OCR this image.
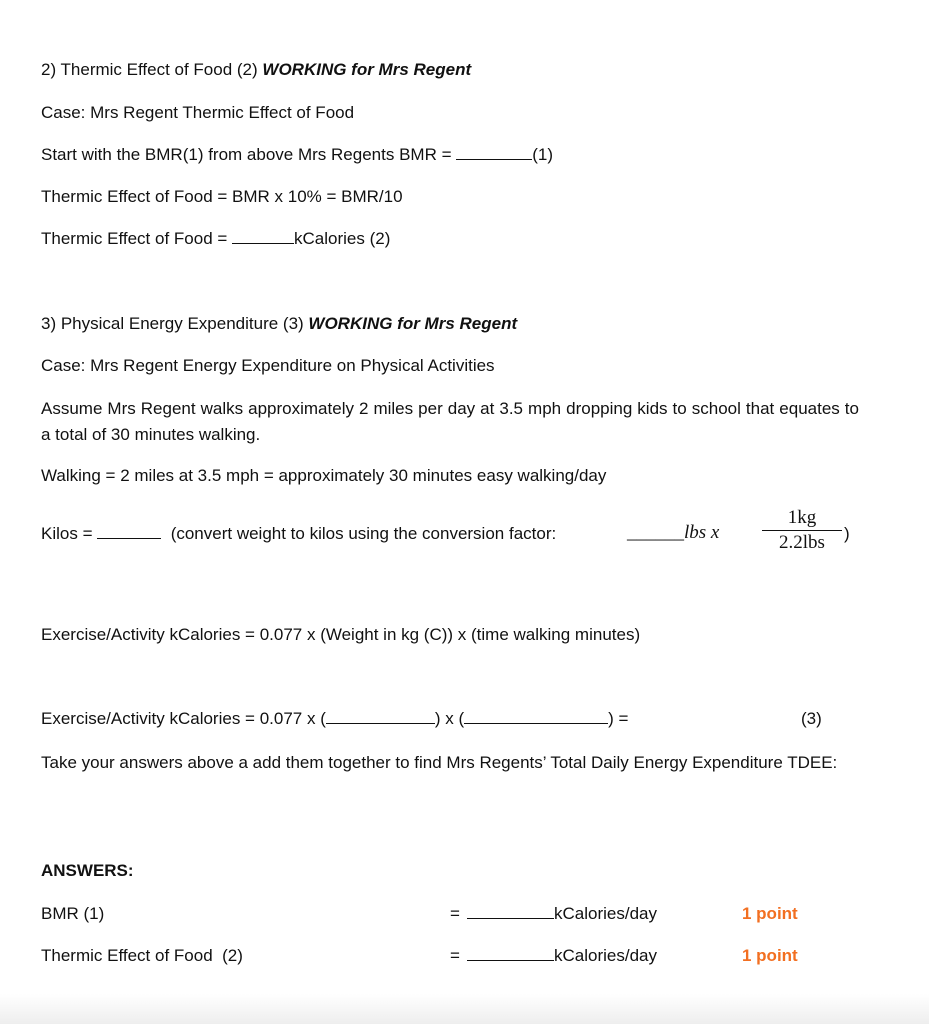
2) Thermic Effect of Food (2) WORKING for Mrs Regent
Case: Mrs Regent Thermic Effect of Food
Start with the BMR(1) from above Mrs Regents BMR =	(1)
Thermic Effect of Food = BMR x 10% = BMR/10
Thermic Effect of Food =	kCalories (2)
3) Physical Energy Expenditure (3) WORKING for Mrs Regent
Case: Mrs Regent Energy Expenditure on Physical Activities
Assume Mrs Regent walks approximately 2 miles per day at 3.5 mph dropping kids to school that equates to a total of 30 minutes walking.
Walking = 2 miles at 3.5 mph = approximately 30 minutes easy walking/day
Kilos =	(convert weight to kilos using the conversion factor:	______lbs x
1kg
2.2lbs	)
Exercise/Activity kCalories = 0.077 x (Weight in kg (C)) x (time walking minutes)
Exercise/Activity kCalories = 0.077 x (	) x (	) =	(3)
Take your answers above a add them together to find Mrs Regents’ Total Daily Energy Expenditure TDEE:
ANSWERS:
BMR (1)	=	kCalories/day	1 point
Thermic Effect of Food  (2)	=	kCalories/day	1 point
